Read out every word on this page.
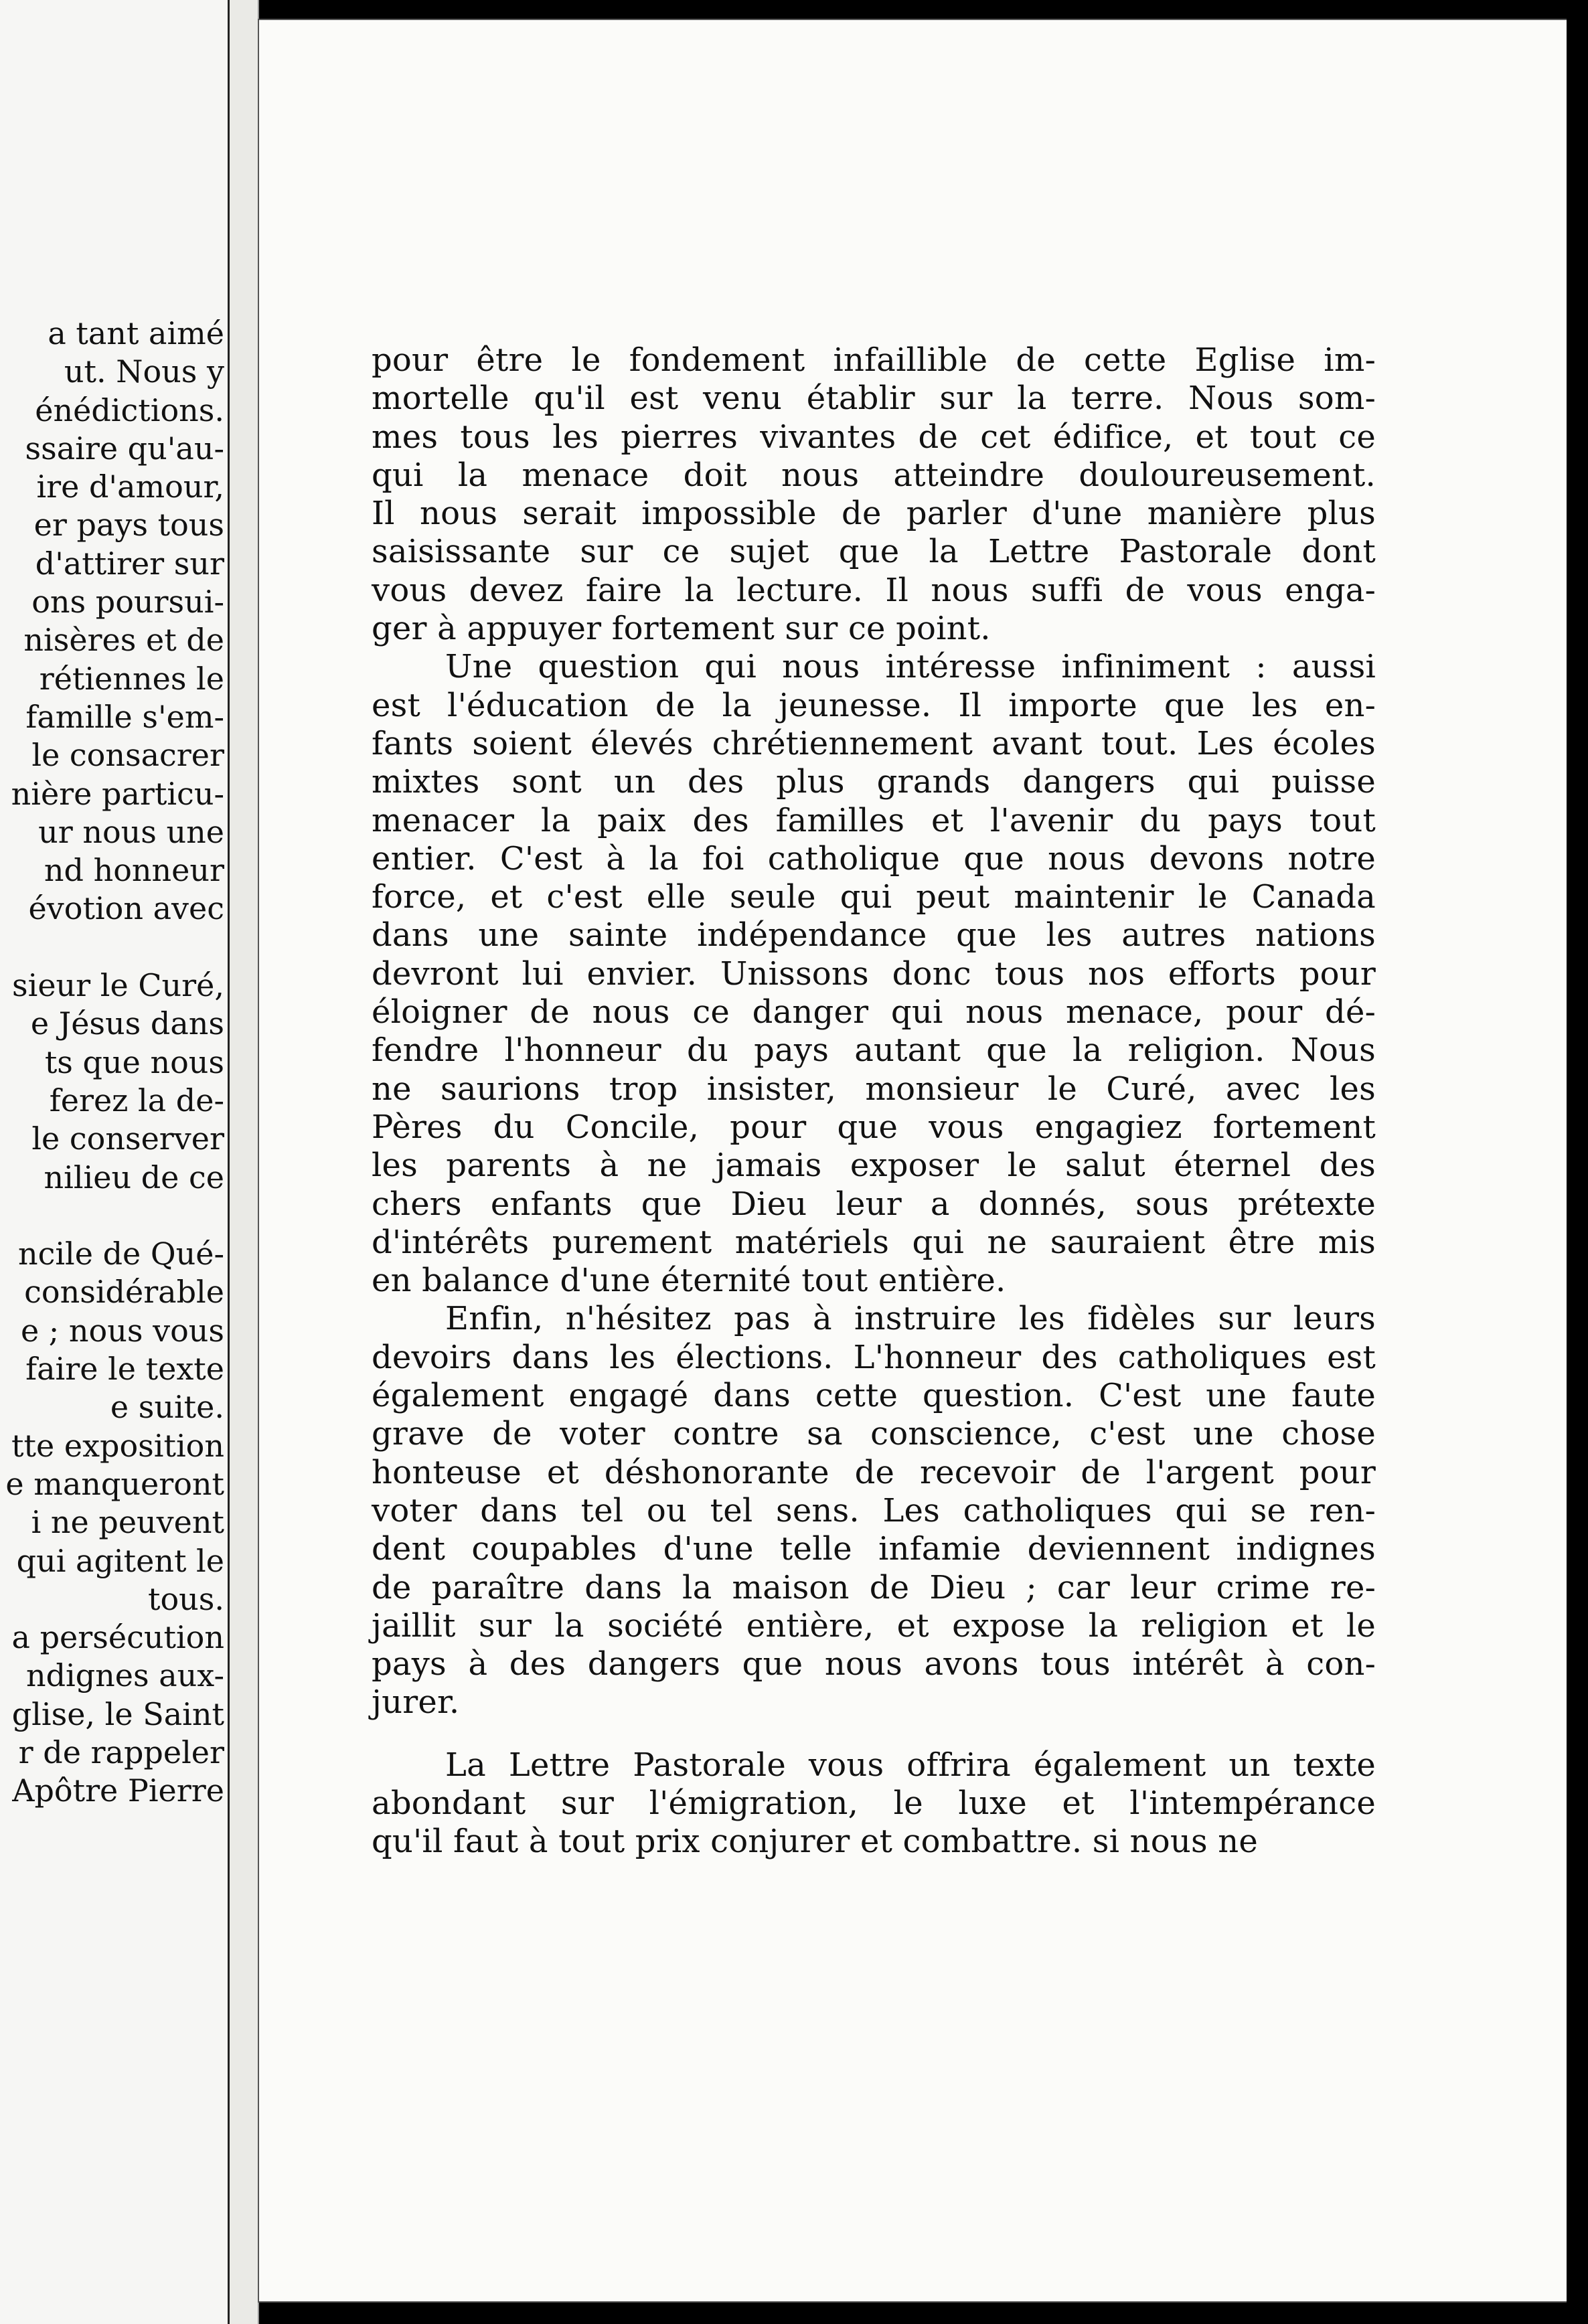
a tant aimé
ut. Nous y
énédictions.
ssaire qu'au-
ire d'amour,
er pays tous
d'attirer sur
ons poursui-
nisères et de
rétiennes le
famille s'em-
le consacrer
nière particu-
ur nous une
nd honneur
évotion avec
sieur le Curé,
e Jésus dans
ts que nous
ferez la de-
le conserver
nilieu de ce
ncile de Qué-
considérable
e ; nous vous
faire le texte
e suite.
tte exposition
e manqueront
i ne peuvent
qui agitent le
tous.
a persécution
ndignes aux-
glise, le Saint
r de rappeler
Apôtre Pierre
pour être le fondement infaillible de cette Eglise im-
mortelle qu'il est venu établir sur la terre. Nous som-
mes tous les pierres vivantes de cet édifice, et tout ce
qui la menace doit nous atteindre douloureusement.
Il nous serait impossible de parler d'une manière plus
saisissante sur ce sujet que la Lettre Pastorale dont
vous devez faire la lecture. Il nous suffi de vous enga-
ger à appuyer fortement sur ce point.
Une question qui nous intéresse infiniment : aussi
est l'éducation de la jeunesse. Il importe que les en-
fants soient élevés chrétiennement avant tout. Les écoles
mixtes sont un des plus grands dangers qui puisse
menacer la paix des familles et l'avenir du pays tout
entier. C'est à la foi catholique que nous devons notre
force, et c'est elle seule qui peut maintenir le Canada
dans une sainte indépendance que les autres nations
devront lui envier. Unissons donc tous nos efforts pour
éloigner de nous ce danger qui nous menace, pour dé-
fendre l'honneur du pays autant que la religion. Nous
ne saurions trop insister, monsieur le Curé, avec les
Pères du Concile, pour que vous engagiez fortement
les parents à ne jamais exposer le salut éternel des
chers enfants que Dieu leur a donnés, sous prétexte
d'intérêts purement matériels qui ne sauraient être mis
en balance d'une éternité tout entière.
Enfin, n'hésitez pas à instruire les fidèles sur leurs
devoirs dans les élections. L'honneur des catholiques est
également engagé dans cette question. C'est une faute
grave de voter contre sa conscience, c'est une chose
honteuse et déshonorante de recevoir de l'argent pour
voter dans tel ou tel sens. Les catholiques qui se ren-
dent coupables d'une telle infamie deviennent indignes
de paraître dans la maison de Dieu ; car leur crime re-
jaillit sur la société entière, et expose la religion et le
pays à des dangers que nous avons tous intérêt à con-
jurer.
La Lettre Pastorale vous offrira également un texte
abondant sur l'émigration, le luxe et l'intempérance
qu'il faut à tout prix conjurer et combattre. si nous ne
